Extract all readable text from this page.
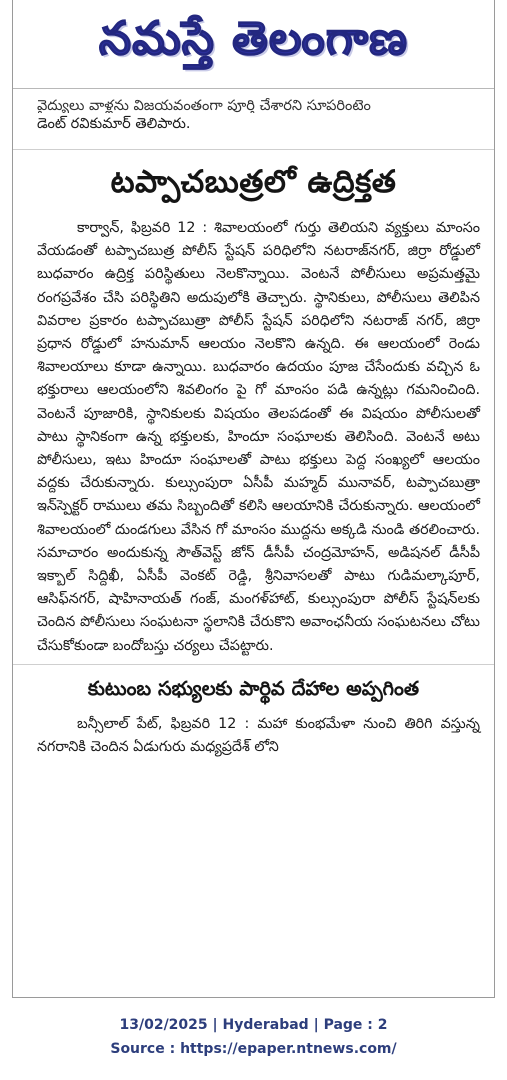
నమస్తే తెలంగాణ
వైద్యులు వాళ్లను విజయవంతంగా పూర్తి చేశారని సూపరింటెం
డెంట్ రవికుమార్ తెలిపారు.
టప్పాచబుత్రలో ఉద్రిక్తత

కార్వాన్, ఫిబ్రవరి 12 : శివాలయంలో గుర్తు తెలియని వ్యక్తులు మాంసం వేయడంతో టప్పాచబుత్ర పోలీస్ స్టేషన్ పరిధిలోని నటరాజ్‌నగర్, జిర్రా రోడ్డులో బుధవారం ఉద్రిక్త పరిస్థితులు నెలకొన్నాయి. వెంటనే పోలీసులు అప్రమత్తమై రంగప్రవేశం చేసి పరిస్థితిని అదుపులోకి తెచ్చారు. స్థానికులు, పోలీసులు తెలిపిన వివరాల ప్రకారం టప్పాచబుత్రా పోలీస్ స్టేషన్ పరిధిలోని నటరాజ్ నగర్, జిర్రా ప్రధాన రోడ్డులో హనుమాన్ ఆలయం నెలకొని ఉన్నది. ఈ ఆలయంలో రెండు శివాలయాలు కూడా ఉన్నాయి. బుధవారం ఉదయం పూజ చేసేందుకు వచ్చిన ఓ భక్తురాలు ఆలయంలోని శివలింగం పై గో మాంసం పడి ఉన్నట్లు గమనించింది. వెంటనే పూజారికి, స్థానికులకు విషయం తెలపడంతో ఈ విషయం పోలీసులతో పాటు స్థానికంగా ఉన్న భక్తులకు, హిందూ సంఘాలకు తెలిసింది. వెంటనే అటు పోలీసులు, ఇటు హిందూ సంఘాలతో పాటు భక్తులు పెద్ద సంఖ్యలో ఆలయం వద్దకు చేరుకున్నారు. కుల్సుంపురా ఏసీపీ మహ్మద్ మునావర్, టప్పాచబుత్రా ఇన్‌స్పెక్టర్ రాములు తమ సిబ్బందితో కలిసి ఆలయానికి చేరుకున్నారు. ఆలయంలో శివాలయంలో దుండగులు వేసిన గో మాంసం ముద్దను అక్కడి నుండి తరలించారు. సమాచారం అందుకున్న సౌత్‌వెస్ట్ జోన్ డీసీపీ చంద్రమోహన్, అడిషనల్ డీసీపీ ఇక్బాల్ సిద్దిఖీ, ఏసీపీ వెంకట్ రెడ్డి, శ్రీనివాసలతో పాటు గుడిమల్కాపూర్, ఆసిఫ్‌నగర్, షాహినాయత్ గంజ్, మంగళ్‌హాట్, కుల్సుంపురా పోలీస్ స్టేషన్‌లకు చెందిన పోలీసులు సంఘటనా స్థలానికి చేరుకొని అవాంఛనీయ సంఘటనలు చోటు చేసుకోకుండా బందోబస్తు చర్యలు చేపట్టారు.

కుటుంబ సభ్యులకు పార్థివ దేహాల అప్పగింత

బన్సీలాల్ పేట్, ఫిబ్రవరి 12 : మహా కుంభమేళా నుంచి తిరిగి వస్తున్న నగరానికి చెందిన ఏడుగురు మధ్యప్రదేశ్ లోని

13/02/2025 | Hyderabad | Page : 2
Source : https://epaper.ntnews.com/
